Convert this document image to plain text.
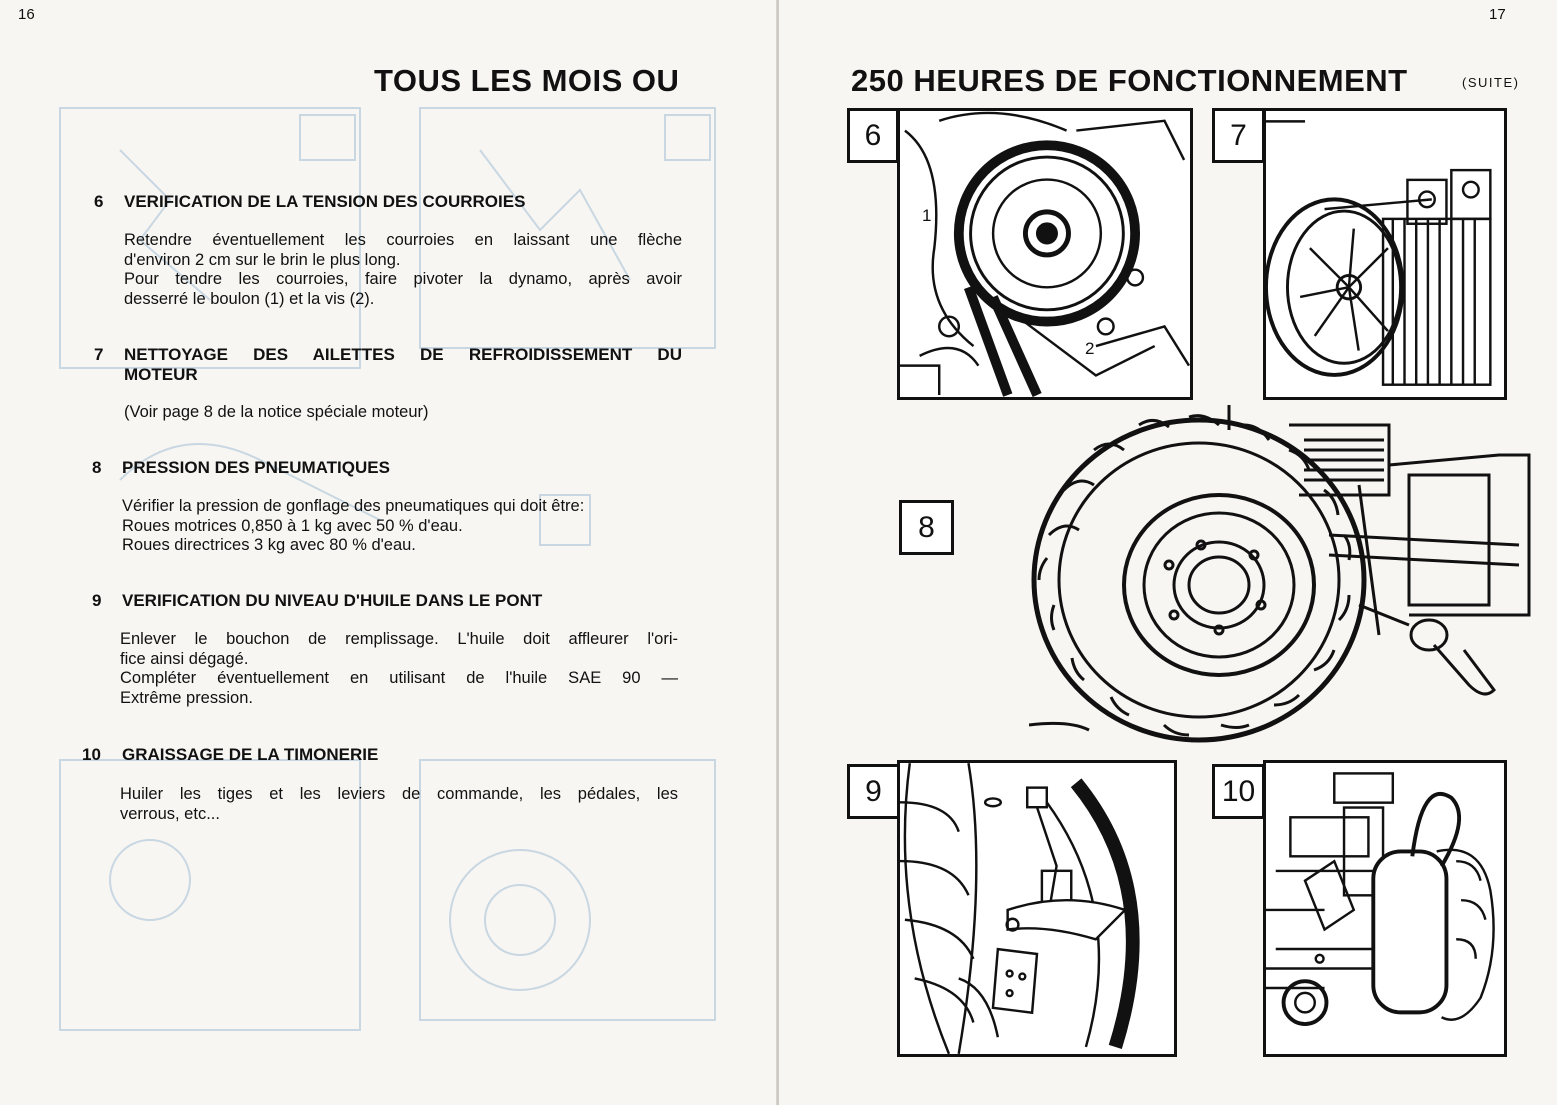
16
TOUS LES MOIS OU
6 VERIFICATION DE LA TENSION DES COURROIES
Retendre éventuellement les courroies en laissant une flèche
d'environ 2 cm sur le brin le plus long.
Pour tendre les courroies, faire pivoter la dynamo, après avoir
desserré le boulon (1) et la vis (2).
7 NETTOYAGE DES AILETTES DE REFROIDISSEMENT DU
MOTEUR
(Voir page 8 de la notice spéciale moteur)
8 PRESSION DES PNEUMATIQUES
Vérifier la pression de gonflage des pneumatiques qui doit être:
Roues motrices 0,850 à 1 kg avec 50 % d'eau.
Roues directrices 3 kg avec 80 % d'eau.
9 VERIFICATION DU NIVEAU D'HUILE DANS LE PONT
Enlever le bouchon de remplissage. L'huile doit affleurer l'ori-
fice ainsi dégagé.
Compléter éventuellement en utilisant de l'huile SAE 90 —
Extrême pression.
10 GRAISSAGE DE LA TIMONERIE
Huiler les tiges et les leviers de commande, les pédales, les
verrous, etc...
17
250 HEURES DE FONCTIONNEMENT	(SUITE)
1
2
6	7
8
9	10
